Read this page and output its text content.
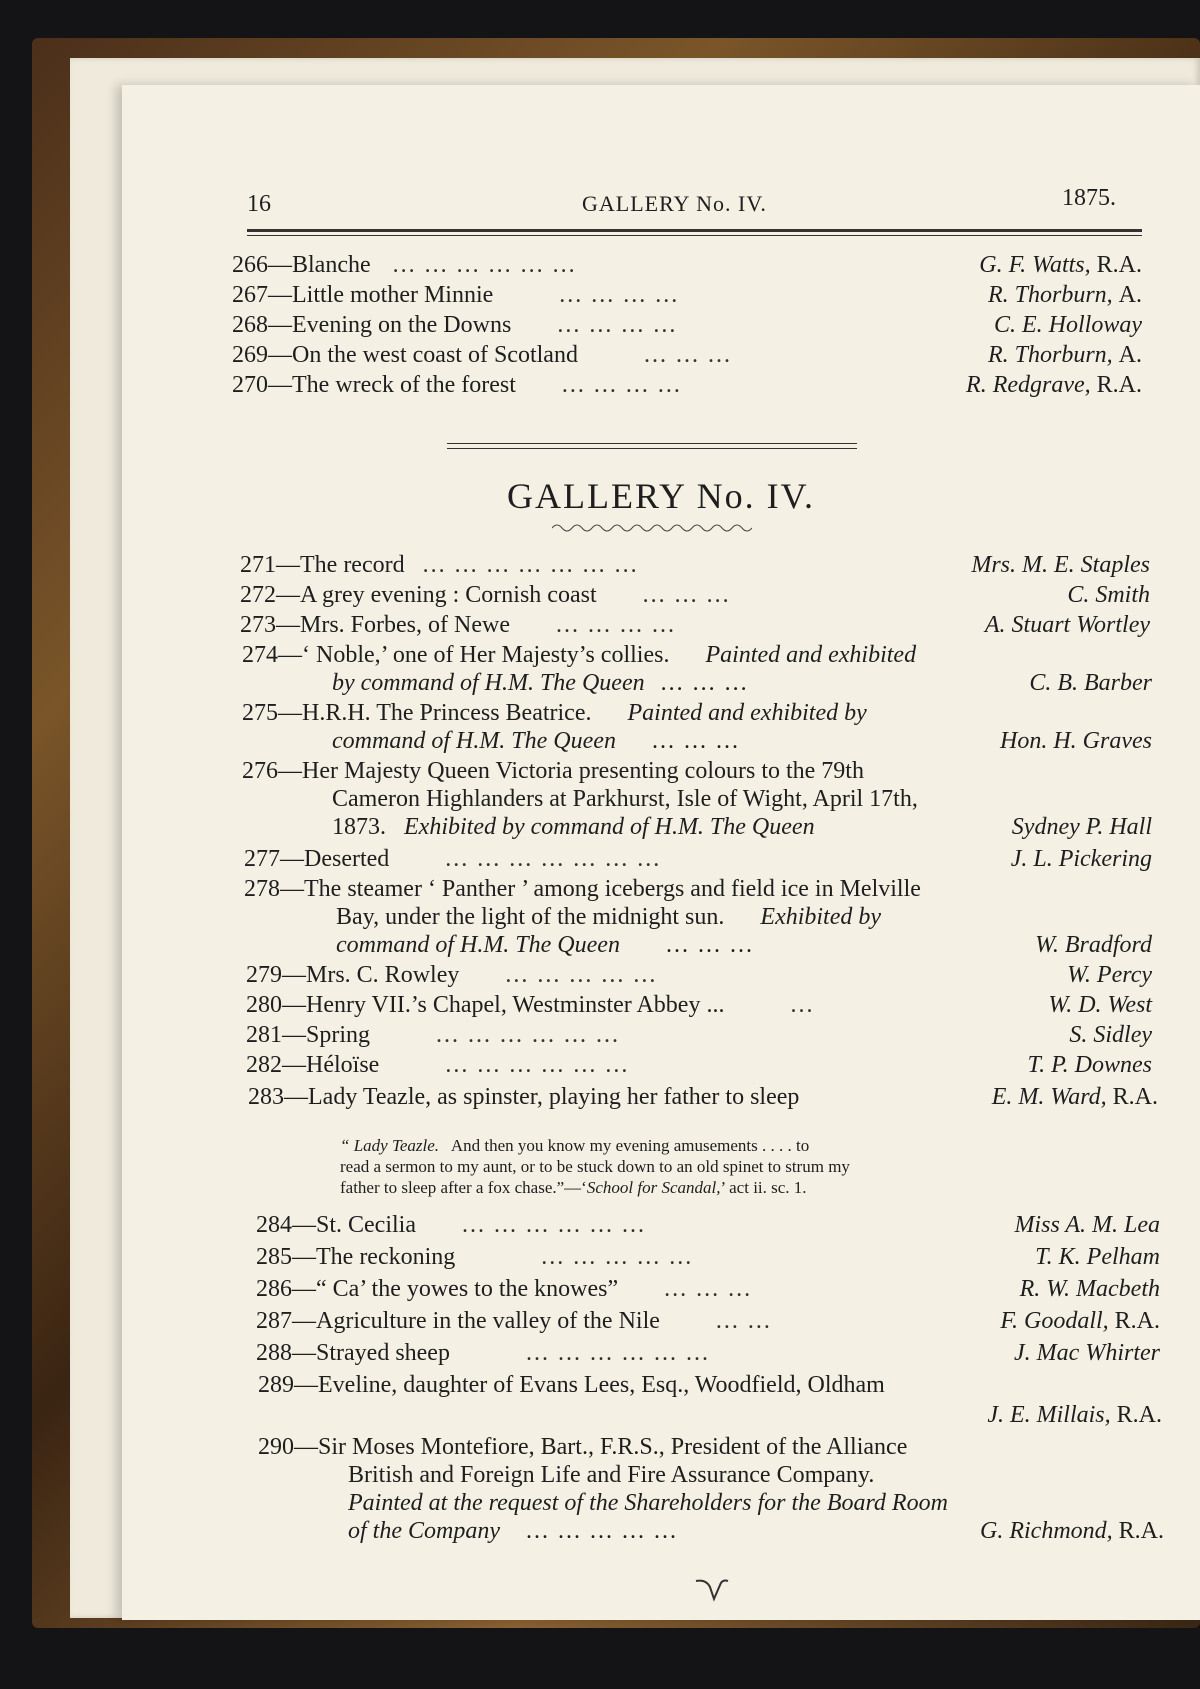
16	GALLERY No. IV.	1875.
266—Blanche ... ... ... ... ... ...	G. F. Watts, R.A.
267—Little mother Minnie	... ... ... ...	R. Thorburn, A.
268—Evening on the Downs ... ... ... ...	C. E. Holloway
269—On the west coast of Scotland	... ... ...	R. Thorburn, A.
270—The wreck of the forest ... ... ... ...	R. Redgrave, R.A.
GALLERY No. IV.
271—The record ... ... ... ... ... ... ...	Mrs. M. E. Staples
272—A grey evening : Cornish coast ... ... ...	C. Smith
273—Mrs. Forbes, of Newe ... ... ... ...	A. Stuart Wortley
274—‘ Noble,’ one of Her Majesty’s collies. Painted and exhibited
by command of H.M. The Queen ... ... ...	C. B. Barber
275—H.R.H. The Princess Beatrice. Painted and exhibited by
command of H.M. The Queen ... ... ...	Hon. H. Graves
276—Her Majesty Queen Victoria presenting colours to the 79th
Cameron Highlanders at Parkhurst, Isle of Wight, April 17th,
1873. Exhibited by command of H.M. The Queen	Sydney P. Hall
277—Deserted ... ... ... ... ... ... ...	J. L. Pickering
278—The steamer ‘ Panther ’ among icebergs and field ice in Melville
Bay, under the light of the midnight sun. Exhibited by
command of H.M. The Queen ... ... ...	W. Bradford
279—Mrs. C. Rowley ... ... ... ... ...	W. Percy
280—Henry VII.’s Chapel, Westminster Abbey ...	...	W. D. West
281—Spring	... ... ... ... ... ...	S. Sidley
282—Héloïse	... ... ... ... ... ...	T. P. Downes
283—Lady Teazle, as spinster, playing her father to sleep	E. M. Ward, R.A.
“ Lady Teazle. And then you know my evening amusements . . . . to
read a sermon to my aunt, or to be stuck down to an old spinet to strum my
father to sleep after a fox chase.”—‘School for Scandal,’ act ii. sc. 1.
284—St. Cecilia ... ... ... ... ... ...	Miss A. M. Lea
285—The reckoning	... ... ... ... ...	T. K. Pelham
286—“ Ca’ the yowes to the knowes” ... ... ...	R. W. Macbeth
287—Agriculture in the valley of the Nile ... ...	F. Goodall, R.A.
288—Strayed sheep	... ... ... ... ... ...	J. Mac Whirter
289—Eveline, daughter of Evans Lees, Esq., Woodfield, Oldham
J. E. Millais, R.A.
290—Sir Moses Montefiore, Bart., F.R.S., President of the Alliance
British and Foreign Life and Fire Assurance Company.
Painted at the request of the Shareholders for the Board Room
of the Company ... ... ... ... ...	G. Richmond, R.A.
